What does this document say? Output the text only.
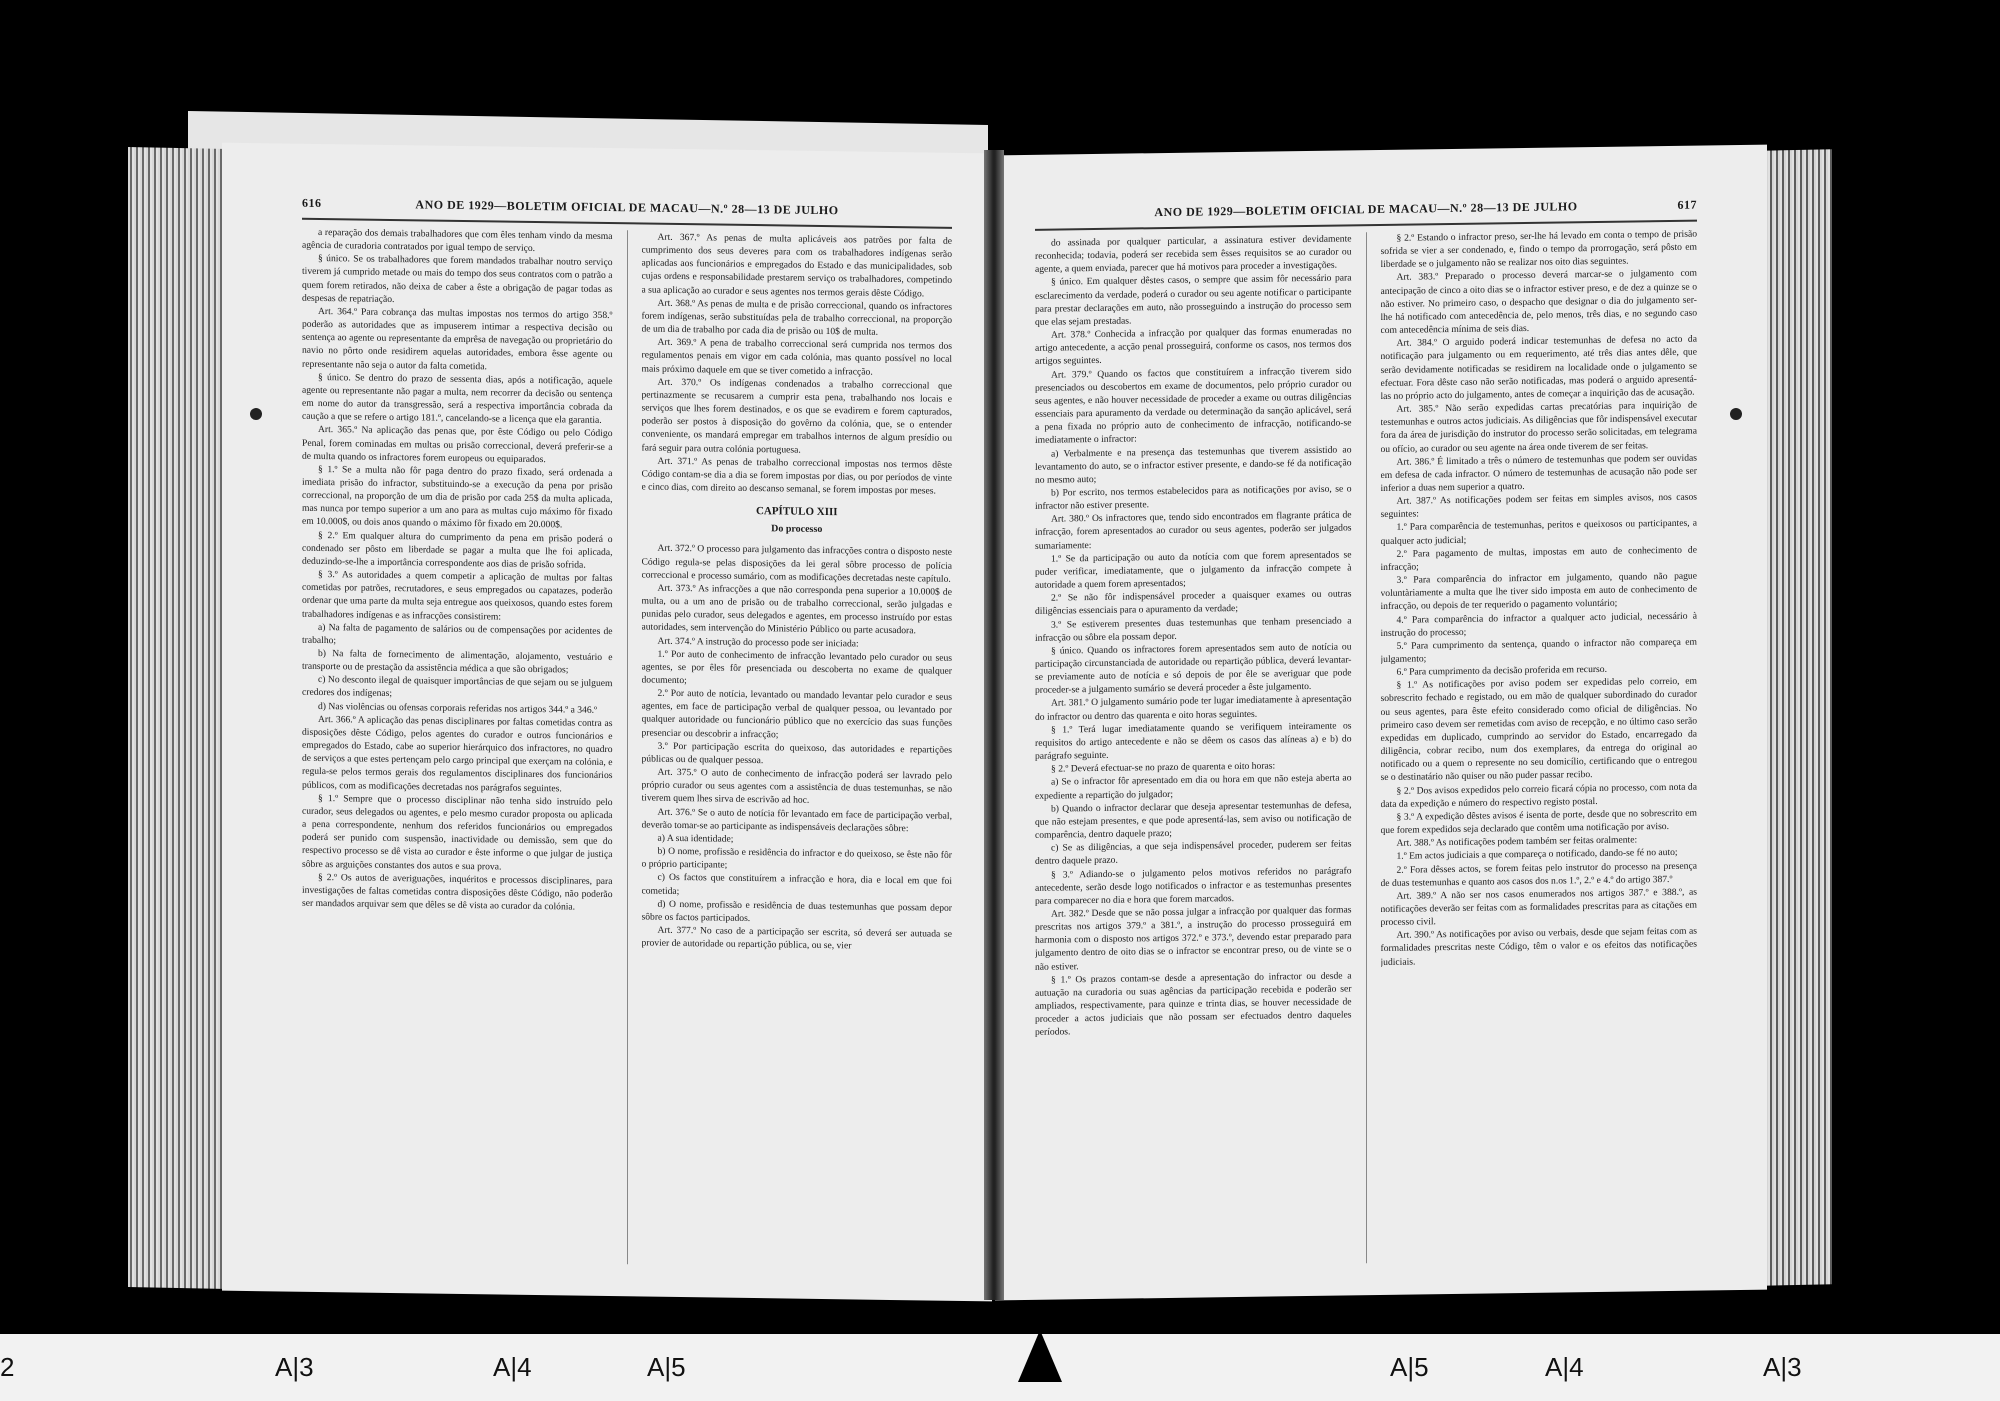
616	ANO DE 1929—BOLETIM OFICIAL DE MACAU—N.º 28—13 DE JULHO

a reparação dos demais trabalhadores que com êles tenham vindo da mesma agência de curadoria contratados por igual tempo de serviço.

§ único. Se os trabalhadores que forem mandados trabalhar noutro serviço tiverem já cumprido metade ou mais do tempo dos seus contratos com o patrão a quem forem retirados, não deixa de caber a êste a obrigação de pagar todas as despesas de repatriação.

Art. 364.º Para cobrança das multas impostas nos termos do artigo 358.º poderão as autoridades que as impuserem intimar a respectiva decisão ou sentença ao agente ou representante da emprêsa de navegação ou proprietário do navio no pôrto onde residirem aquelas autoridades, embora êsse agente ou representante não seja o autor da falta cometida.

§ único. Se dentro do prazo de sessenta dias, após a notificação, aquele agente ou representante não pagar a multa, nem recorrer da decisão ou sentença em nome do autor da transgressão, será a respectiva importância cobrada da caução a que se refere o artigo 181.º, cancelando-se a licença que ela garantia.

Art. 365.º Na aplicação das penas que, por êste Código ou pelo Código Penal, forem cominadas em multas ou prisão correccional, deverá preferir-se a de multa quando os infractores forem europeus ou equiparados.

§ 1.º Se a multa não fôr paga dentro do prazo fixado, será ordenada a imediata prisão do infractor, substituindo-se a execução da pena por prisão correccional, na proporção de um dia de prisão por cada 25$ da multa aplicada, mas nunca por tempo superior a um ano para as multas cujo máximo fôr fixado em 10.000$, ou dois anos quando o máximo fôr fixado em 20.000$.

§ 2.º Em qualquer altura do cumprimento da pena em prisão poderá o condenado ser pôsto em liberdade se pagar a multa que lhe foi aplicada, deduzindo-se-lhe a importância correspondente aos dias de prisão sofrida.

§ 3.º As autoridades a quem competir a aplicação de multas por faltas cometidas por patrões, recrutadores, e seus empregados ou capatazes, poderão ordenar que uma parte da multa seja entregue aos queixosos, quando estes forem trabalhadores indígenas e as infracções consistirem:

a) Na falta de pagamento de salários ou de compensações por acidentes de trabalho;

b) Na falta de fornecimento de alimentação, alojamento, vestuário e transporte ou de prestação da assistência médica a que são obrigados;

c) No desconto ilegal de quaisquer importâncias de que sejam ou se julguem credores dos indígenas;

d) Nas violências ou ofensas corporais referidas nos artigos 344.º a 346.º

Art. 366.º A aplicação das penas disciplinares por faltas cometidas contra as disposições dêste Código, pelos agentes do curador e outros funcionários e empregados do Estado, cabe ao superior hierárquico dos infractores, no quadro de serviços a que estes pertençam pelo cargo principal que exerçam na colónia, e regula-se pelos termos gerais dos regulamentos disciplinares dos funcionários públicos, com as modificações decretadas nos parágrafos seguintes.

§ 1.º Sempre que o processo disciplinar não tenha sido instruído pelo curador, seus delegados ou agentes, e pelo mesmo curador proposta ou aplicada a pena correspondente, nenhum dos referidos funcionários ou empregados poderá ser punido com suspensão, inactividade ou demissão, sem que do respectivo processo se dê vista ao curador e êste informe o que julgar de justiça sôbre as arguições constantes dos autos e sua prova.

§ 2.º Os autos de averiguações, inquéritos e processos disciplinares, para investigações de faltas cometidas contra disposições dêste Código, não poderão ser mandados arquivar sem que dêles se dê vista ao curador da colónia.

Art. 367.º As penas de multa aplicáveis aos patrões por falta de cumprimento dos seus deveres para com os trabalhadores indígenas serão aplicadas aos funcionários e empregados do Estado e das municipalidades, sob cujas ordens e responsabilidade prestarem serviço os trabalhadores, competindo a sua aplicação ao curador e seus agentes nos termos gerais dêste Código.

Art. 368.º As penas de multa e de prisão correccional, quando os infractores forem indígenas, serão substituídas pela de trabalho correccional, na proporção de um dia de trabalho por cada dia de prisão ou 10$ de multa.

Art. 369.º A pena de trabalho correccional será cumprida nos termos dos regulamentos penais em vigor em cada colónia, mas quanto possível no local mais próximo daquele em que se tiver cometido a infracção.

Art. 370.º Os indígenas condenados a trabalho correccional que pertinazmente se recusarem a cumprir esta pena, trabalhando nos locais e serviços que lhes forem destinados, e os que se evadirem e forem capturados, poderão ser postos à disposição do govêrno da colónia, que, se o entender conveniente, os mandará empregar em trabalhos internos de algum presídio ou fará seguir para outra colónia portuguesa.

Art. 371.º As penas de trabalho correccional impostas nos termos dêste Código contam-se dia a dia se forem impostas por dias, ou por períodos de vinte e cinco dias, com direito ao descanso semanal, se forem impostas por meses.

CAPÍTULO XIII
Do processo

Art. 372.º O processo para julgamento das infracções contra o disposto neste Código regula-se pelas disposições da lei geral sôbre processo de polícia correccional e processo sumário, com as modificações decretadas neste capítulo.

Art. 373.º As infracções a que não corresponda pena superior a 10.000$ de multa, ou a um ano de prisão ou de trabalho correccional, serão julgadas e punidas pelo curador, seus delegados e agentes, em processo instruído por estas autoridades, sem intervenção do Ministério Público ou parte acusadora.

Art. 374.º A instrução do processo pode ser iniciada:

1.º Por auto de conhecimento de infracção levantado pelo curador ou seus agentes, se por êles fôr presenciada ou descoberta no exame de qualquer documento;

2.º Por auto de notícia, levantado ou mandado levantar pelo curador e seus agentes, em face de participação verbal de qualquer pessoa, ou levantado por qualquer autoridade ou funcionário público que no exercício das suas funções presenciar ou descobrir a infracção;

3.º Por participação escrita do queixoso, das autoridades e repartições públicas ou de qualquer pessoa.

Art. 375.º O auto de conhecimento de infracção poderá ser lavrado pelo próprio curador ou seus agentes com a assistência de duas testemunhas, se não tiverem quem lhes sirva de escrivão ad hoc.

Art. 376.º Se o auto de notícia fôr levantado em face de participação verbal, deverão tomar-se ao participante as indispensáveis declarações sôbre:

a) A sua identidade;

b) O nome, profissão e residência do infractor e do queixoso, se êste não fôr o próprio participante;

c) Os factos que constituírem a infracção e hora, dia e local em que foi cometida;

d) O nome, profissão e residência de duas testemunhas que possam depor sôbre os factos participados.

Art. 377.º No caso de a participação ser escrita, só deverá ser autuada se provier de autoridade ou repartição pública, ou se, vier

ANO DE 1929—BOLETIM OFICIAL DE MACAU—N.º 28—13 DE JULHO	617

do assinada por qualquer particular, a assinatura estiver devidamente reconhecida; todavia, poderá ser recebida sem êsses requisitos se ao curador ou agente, a quem enviada, parecer que há motivos para proceder a investigações.

§ único. Em qualquer dêstes casos, o sempre que assim fôr necessário para esclarecimento da verdade, poderá o curador ou seu agente notificar o participante para prestar declarações em auto, não prosseguindo a instrução do processo sem que elas sejam prestadas.

Art. 378.º Conhecida a infracção por qualquer das formas enumeradas no artigo antecedente, a acção penal prosseguirá, conforme os casos, nos termos dos artigos seguintes.

Art. 379.º Quando os factos que constituírem a infracção tiverem sido presenciados ou descobertos em exame de documentos, pelo próprio curador ou seus agentes, e não houver necessidade de proceder a exame ou outras diligências essenciais para apuramento da verdade ou determinação da sanção aplicável, será a pena fixada no próprio auto de conhecimento de infracção, notificando-se imediatamente o infractor:

a) Verbalmente e na presença das testemunhas que tiverem assistido ao levantamento do auto, se o infractor estiver presente, e dando-se fé da notificação no mesmo auto;

b) Por escrito, nos termos estabelecidos para as notificações por aviso, se o infractor não estiver presente.

Art. 380.º Os infractores que, tendo sido encontrados em flagrante prática de infracção, forem apresentados ao curador ou seus agentes, poderão ser julgados sumariamente:

1.º Se da participação ou auto da notícia com que forem apresentados se puder verificar, imediatamente, que o julgamento da infracção compete à autoridade a quem forem apresentados;

2.º Se não fôr indispensável proceder a quaisquer exames ou outras diligências essenciais para o apuramento da verdade;

3.º Se estiverem presentes duas testemunhas que tenham presenciado a infracção ou sôbre ela possam depor.

§ único. Quando os infractores forem apresentados sem auto de notícia ou participação circunstanciada de autoridade ou repartição pública, deverá levantar-se previamente auto de notícia e só depois de por êle se averiguar que pode proceder-se a julgamento sumário se deverá proceder a êste julgamento.

Art. 381.º O julgamento sumário pode ter lugar imediatamente à apresentação do infractor ou dentro das quarenta e oito horas seguintes.

§ 1.º Terá lugar imediatamente quando se verifiquem inteiramente os requisitos do artigo antecedente e não se dêem os casos das alíneas a) e b) do parágrafo seguinte.

§ 2.º Deverá efectuar-se no prazo de quarenta e oito horas:

a) Se o infractor fôr apresentado em dia ou hora em que não esteja aberta ao expediente a repartição do julgador;

b) Quando o infractor declarar que deseja apresentar testemunhas de defesa, que não estejam presentes, e que pode apresentá-las, sem aviso ou notificação de comparência, dentro daquele prazo;

c) Se as diligências, a que seja indispensável proceder, puderem ser feitas dentro daquele prazo.

§ 3.º Adiando-se o julgamento pelos motivos referidos no parágrafo antecedente, serão desde logo notificados o infractor e as testemunhas presentes para comparecer no dia e hora que forem marcados.

Art. 382.º Desde que se não possa julgar a infracção por qualquer das formas prescritas nos artigos 379.º a 381.º, a instrução do processo prosseguirá em harmonia com o disposto nos artigos 372.º e 373.º, devendo estar preparado para julgamento dentro de oito dias se o infractor se encontrar preso, ou de vinte se o não estiver.

§ 1.º Os prazos contam-se desde a apresentação do infractor ou desde a autuação na curadoria ou suas agências da participação recebida e poderão ser ampliados, respectivamente, para quinze e trinta dias, se houver necessidade de proceder a actos judiciais que não possam ser efectuados dentro daqueles períodos.

§ 2.º Estando o infractor preso, ser-lhe há levado em conta o tempo de prisão sofrida se vier a ser condenado, e, findo o tempo da prorrogação, será pôsto em liberdade se o julgamento não se realizar nos oito dias seguintes.

Art. 383.º Preparado o processo deverá marcar-se o julgamento com antecipação de cinco a oito dias se o infractor estiver preso, e de dez a quinze se o não estiver. No primeiro caso, o despacho que designar o dia do julgamento ser-lhe há notificado com antecedência de, pelo menos, três dias, e no segundo caso com antecedência mínima de seis dias.

Art. 384.º O arguido poderá indicar testemunhas de defesa no acto da notificação para julgamento ou em requerimento, até três dias antes dêle, que serão devidamente notificadas se residirem na localidade onde o julgamento se efectuar. Fora dêste caso não serão notificadas, mas poderá o arguido apresentá-las no próprio acto do julgamento, antes de começar a inquirição das de acusação.

Art. 385.º Não serão expedidas cartas precatórias para inquirição de testemunhas e outros actos judiciais. As diligências que fôr indispensável executar fora da área de jurisdição do instrutor do processo serão solicitadas, em telegrama ou ofício, ao curador ou seu agente na área onde tiverem de ser feitas.

Art. 386.º É limitado a três o número de testemunhas que podem ser ouvidas em defesa de cada infractor. O número de testemunhas de acusação não pode ser inferior a duas nem superior a quatro.

Art. 387.º As notificações podem ser feitas em simples avisos, nos casos seguintes:

1.º Para comparência de testemunhas, peritos e queixosos ou participantes, a qualquer acto judicial;

2.º Para pagamento de multas, impostas em auto de conhecimento de infracção;

3.º Para comparência do infractor em julgamento, quando não pague voluntàriamente a multa que lhe tiver sido imposta em auto de conhecimento de infracção, ou depois de ter requerido o pagamento voluntário;

4.º Para comparência do infractor a qualquer acto judicial, necessário à instrução do processo;

5.º Para cumprimento da sentença, quando o infractor não compareça em julgamento;

6.º Para cumprimento da decisão proferida em recurso.

§ 1.º As notificações por aviso podem ser expedidas pelo correio, em sobrescrito fechado e registado, ou em mão de qualquer subordinado do curador ou seus agentes, para êste efeito considerado como oficial de diligências. No primeiro caso devem ser remetidas com aviso de recepção, e no último caso serão expedidas em duplicado, cumprindo ao servidor do Estado, encarregado da diligência, cobrar recibo, num dos exemplares, da entrega do original ao notificado ou a quem o represente no seu domicílio, certificando que o entregou se o destinatário não quiser ou não puder passar recibo.

§ 2.º Dos avisos expedidos pelo correio ficará cópia no processo, com nota da data da expedição e número do respectivo registo postal.

§ 3.º A expedição dêstes avisos é isenta de porte, desde que no sobrescrito em que forem expedidos seja declarado que contêm uma notificação por aviso.

Art. 388.º As notificações podem também ser feitas oralmente:

1.º Em actos judiciais a que compareça o notificado, dando-se fé no auto;

2.º Fora dêsses actos, se forem feitas pelo instrutor do processo na presença de duas testemunhas e quanto aos casos dos n.os 1.º, 2.º e 4.º do artigo 387.º

Art. 389.º A não ser nos casos enumerados nos artigos 387.º e 388.º, as notificações deverão ser feitas com as formalidades prescritas para as citações em processo civil.

Art. 390.º As notificações por aviso ou verbais, desde que sejam feitas com as formalidades prescritas neste Código, têm o valor e os efeitos das notificações judiciais.

2	A|3	A|4	A|5	A|5	A|4	A|3
